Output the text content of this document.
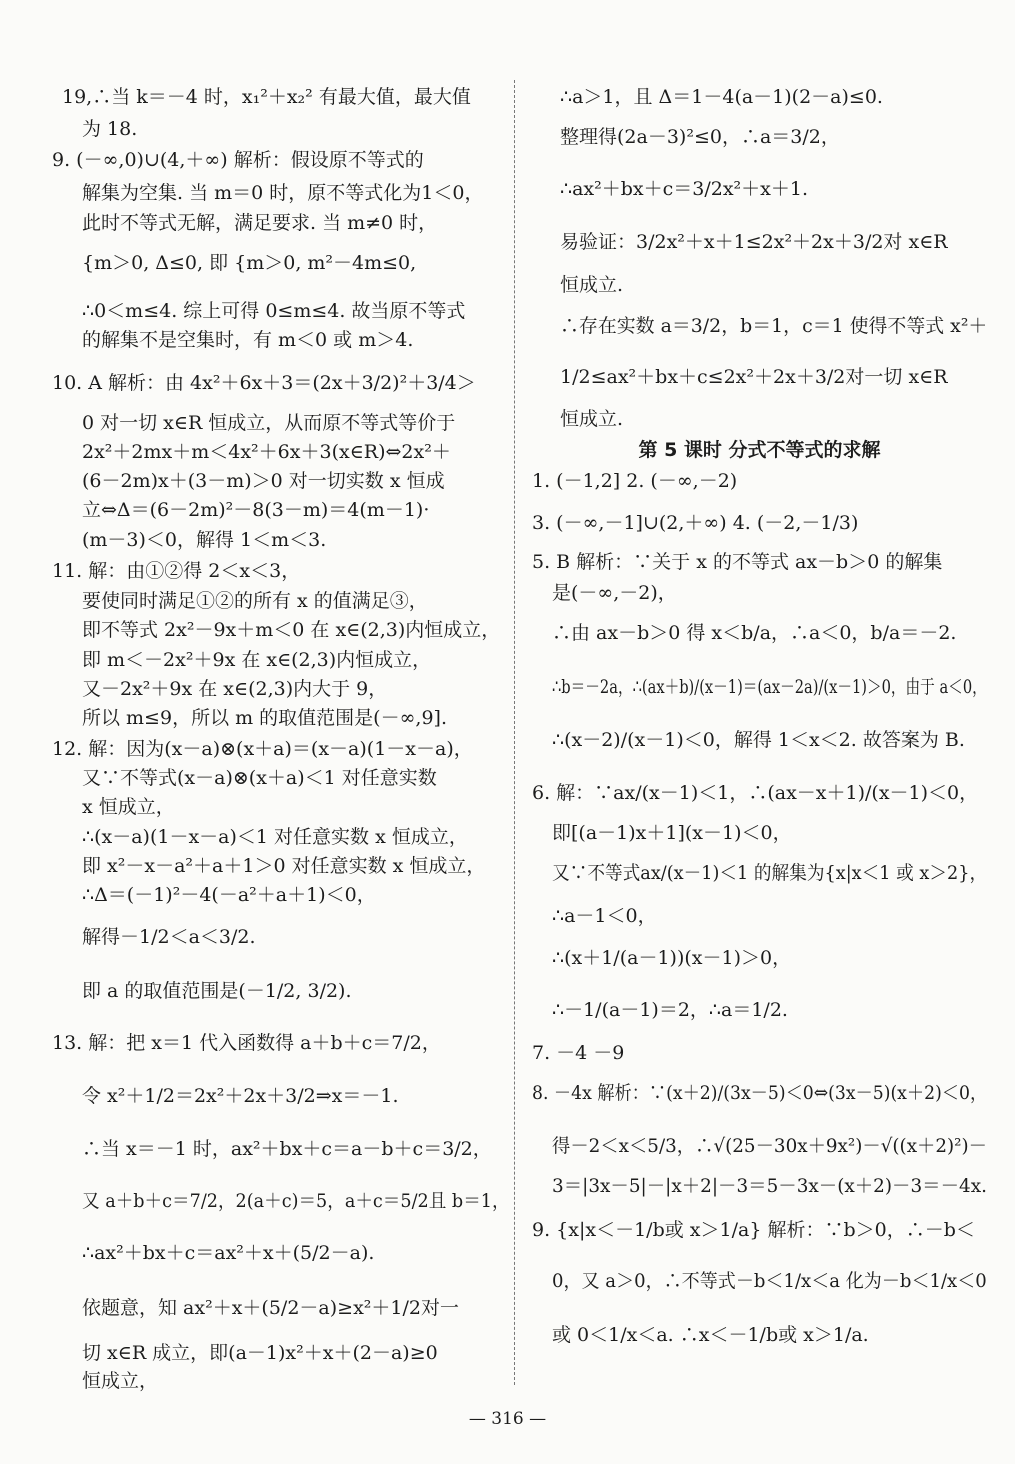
19,∴当 k＝－4 时，x₁²＋x₂² 有最大值，最大值
为 18.
9. (－∞,0)∪(4,＋∞) 解析：假设原不等式的
解集为空集. 当 m＝0 时，原不等式化为1＜0，
此时不等式无解，满足要求. 当 m≠0 时，
{m＞0, Δ≤0, 即 {m＞0, m²－4m≤0,
∴0＜m≤4. 综上可得 0≤m≤4. 故当原不等式
的解集不是空集时，有 m＜0 或 m＞4.
10. A 解析：由 4x²＋6x＋3＝(2x＋3/2)²＋3/4＞
0 对一切 x∈R 恒成立，从而原不等式等价于
2x²＋2mx＋m＜4x²＋6x＋3(x∈R)⇔2x²＋
(6－2m)x＋(3－m)＞0 对一切实数 x 恒成
立⇔Δ＝(6－2m)²－8(3－m)＝4(m－1)·
(m－3)＜0，解得 1＜m＜3.
11. 解：由①②得 2＜x＜3，
要使同时满足①②的所有 x 的值满足③，
即不等式 2x²－9x＋m＜0 在 x∈(2,3)内恒成立，
即 m＜－2x²＋9x 在 x∈(2,3)内恒成立，
又－2x²＋9x 在 x∈(2,3)内大于 9，
所以 m≤9，所以 m 的取值范围是(－∞,9].
12. 解：因为(x－a)⊗(x＋a)＝(x－a)(1－x－a)，
又∵不等式(x－a)⊗(x＋a)＜1 对任意实数
x 恒成立，
∴(x－a)(1－x－a)＜1 对任意实数 x 恒成立，
即 x²－x－a²＋a＋1＞0 对任意实数 x 恒成立，
∴Δ＝(－1)²－4(－a²＋a＋1)＜0，
解得－1/2＜a＜3/2.
即 a 的取值范围是(－1/2, 3/2).
13. 解：把 x＝1 代入函数得 a＋b＋c＝7/2，
令 x²＋1/2＝2x²＋2x＋3/2⇒x＝－1.
∴当 x＝－1 时，ax²＋bx＋c＝a－b＋c＝3/2，
又 a＋b＋c＝7/2，2(a＋c)＝5，a＋c＝5/2且 b＝1，
∴ax²＋bx＋c＝ax²＋x＋(5/2－a).
依题意，知 ax²＋x＋(5/2－a)≥x²＋1/2对一
切 x∈R 成立，即(a－1)x²＋x＋(2－a)≥0
恒成立，
∴a＞1，且 Δ＝1－4(a－1)(2－a)≤0.
整理得(2a－3)²≤0，∴a＝3/2，
∴ax²＋bx＋c＝3/2x²＋x＋1.
易验证：3/2x²＋x＋1≤2x²＋2x＋3/2对 x∈R
恒成立.
∴存在实数 a＝3/2，b＝1，c＝1 使得不等式 x²＋
1/2≤ax²＋bx＋c≤2x²＋2x＋3/2对一切 x∈R
恒成立.
第 5 课时 分式不等式的求解
1. (－1,2] 2. (－∞,－2)
3. (－∞,－1]∪(2,＋∞) 4. (－2,－1/3)
5. B 解析：∵关于 x 的不等式 ax－b＞0 的解集
是(－∞,－2)，
∴由 ax－b＞0 得 x＜b/a，∴a＜0，b/a＝－2.
∴b＝－2a，∴(ax＋b)/(x－1)＝(ax－2a)/(x－1)＞0，由于 a＜0，
∴(x－2)/(x－1)＜0，解得 1＜x＜2. 故答案为 B.
6. 解：∵ax/(x－1)＜1，∴(ax－x＋1)/(x－1)＜0，
即[(a－1)x＋1](x－1)＜0，
又∵不等式ax/(x－1)＜1 的解集为{x|x＜1 或 x＞2}，
∴a－1＜0，
∴(x＋1/(a－1))(x－1)＞0，
∴－1/(a－1)＝2，∴a＝1/2.
7. －4 －9
8. －4x 解析：∵(x＋2)/(3x－5)＜0⇔(3x－5)(x＋2)＜0，
得－2＜x＜5/3，∴√(25－30x＋9x²)－√((x＋2)²)－
3＝|3x－5|－|x＋2|－3＝5－3x－(x＋2)－3＝－4x.
9. {x|x＜－1/b或 x＞1/a} 解析：∵b＞0，∴－b＜
0，又 a＞0，∴不等式－b＜1/x＜a 化为－b＜1/x＜0
或 0＜1/x＜a. ∴x＜－1/b或 x＞1/a.
— 316 —
